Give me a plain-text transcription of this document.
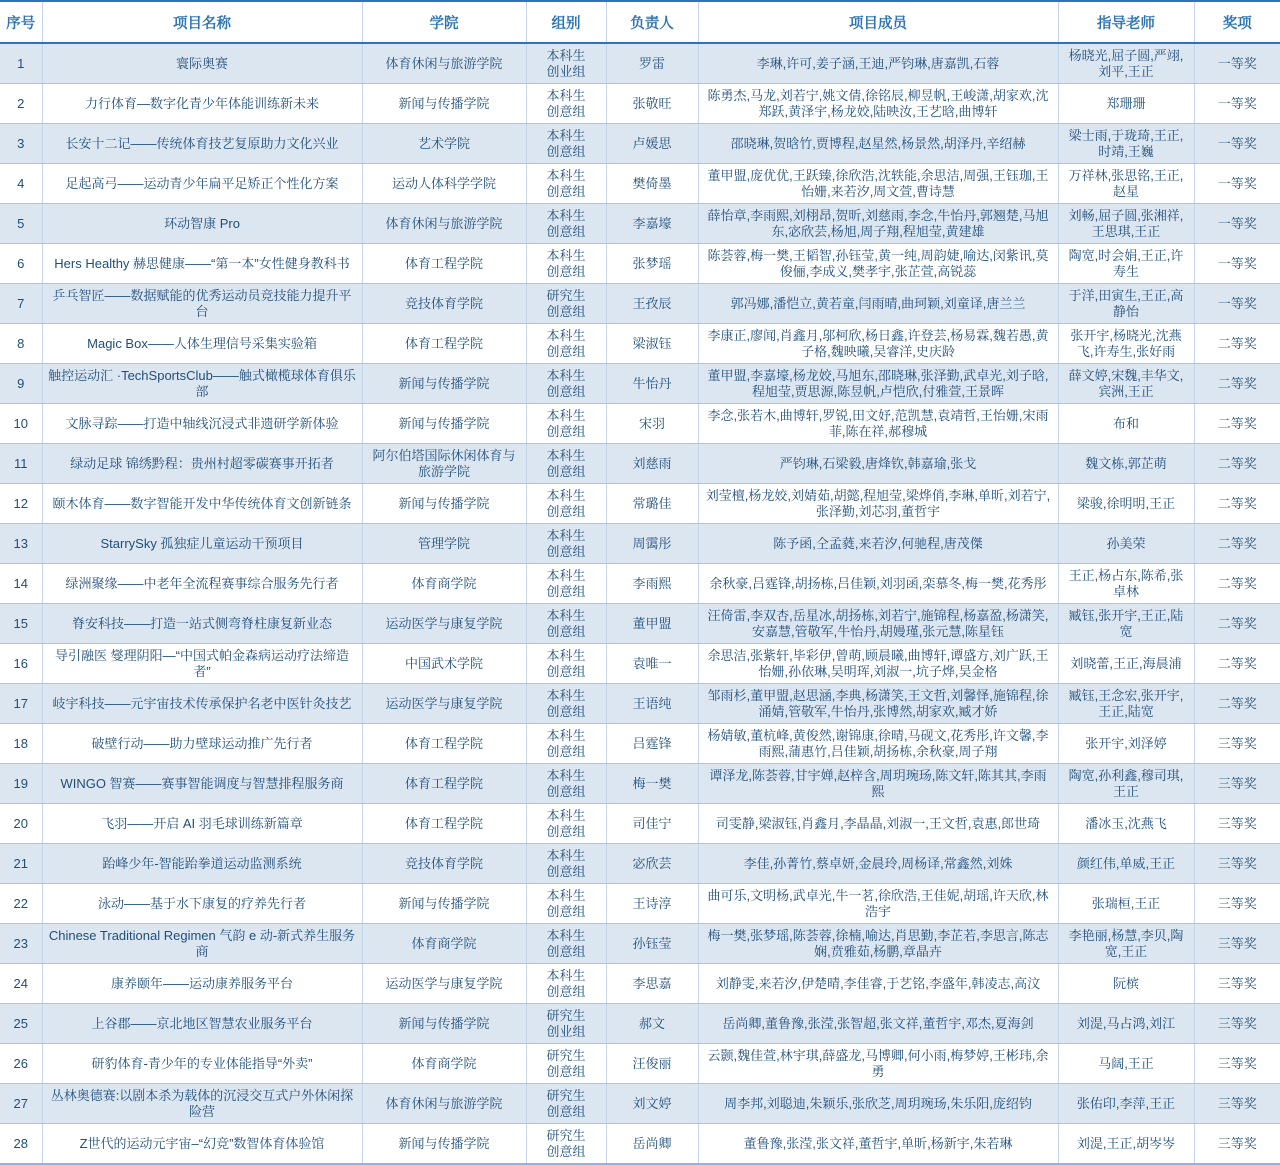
序号	项目名称	学院	组别	负责人	项目成员	指导老师	奖项

1	寰际奥赛	体育休闲与旅游学院	本科生创业组	罗雷	李琳,许可,姜子涵,王迪,严钧琳,唐嘉凯,石蓉	杨晓光,屈子圆,严翊,刘平,王正	一等奖

2	力行体育—数字化青少年体能训练新未来	新闻与传播学院	本科生创意组	张敬旺	陈勇杰,马龙,刘若宁,姚文倩,徐铭辰,柳昱帆,王峻潇,胡家欢,沈郑跃,黄泽宇,杨龙姣,陆映汝,王艺晗,曲博轩	郑珊珊	一等奖

3	长安十二记——传统体育技艺复原助力文化兴业	艺术学院	本科生创意组	卢媛思	邵晓琳,贺晗竹,贾博程,赵星然,杨景然,胡泽丹,辛绍赫	梁士雨,于珑琦,王正,时靖,王巍	一等奖

4	足起高弓——运动青少年扁平足矫正个性化方案	运动人体科学学院	本科生创意组	樊倚墨	董甲盟,庞优优,王跃臻,徐欣浩,沈轶能,余思洁,周强,王钰珈,王怡姗,来若汐,周文萱,曹诗慧	万祥林,张思铭,王正,赵星	一等奖

5	环动智康 Pro	体育休闲与旅游学院	本科生创意组	李嘉壕	薛怡章,李雨熙,刘栩昂,贺昕,刘慈雨,李念,牛怡丹,郭翘楚,马旭东,宓欣芸,杨旭,周子翔,程旭莹,黄建雄	刘畅,屈子圆,张湘祥,王思琪,王正	一等奖

6	Hers Healthy 赫思健康——“第一本”女性健身教科书	体育工程学院	本科生创意组	张梦瑶	陈荟蓉,梅一樊,王韬智,孙钰莹,黄一纯,周韵婕,喻达,闵紫讯,莫俊俪,李成义,樊孝宇,张芷萱,高锐蕊	陶宽,时会娟,王正,许寿生	一等奖

7	乒乓智匠——数据赋能的优秀运动员竞技能力提升平台	竞技体育学院	研究生创意组	王孜辰	郭冯娜,潘恺立,黄若童,闫雨晴,曲珂颖,刘童译,唐兰兰	于洋,田寅生,王正,高静怡	一等奖

8	Magic Box——人体生理信号采集实验箱	体育工程学院	本科生创意组	梁淑钰	李康正,廖闻,肖鑫月,邬柯欣,杨日鑫,许登芸,杨易霖,魏若愚,黄子格,魏映曦,吴睿洋,史庆龄	张开宇,杨晓光,沈燕飞,许寿生,张好雨	二等奖

9	触控运动汇 ·TechSportsClub——触式橄榄球体育俱乐部	新闻与传播学院	本科生创意组	牛怡丹	董甲盟,李嘉壕,杨龙姣,马旭东,邵晓琳,张泽勤,武卓光,刘子晗,程旭莹,贾思源,陈昱帆,卢恺欣,付雅萱,王景晖	薛文婷,宋魏,丰华文,宾洲,王正	二等奖

10	文脉寻踪——打造中轴线沉浸式非遗研学新体验	新闻与传播学院	本科生创意组	宋羽	李念,张若木,曲博轩,罗锐,田文妤,范凯慧,袁靖哲,王怡姗,宋雨菲,陈在祥,郝穆城	布和	二等奖

11	绿动足球 锦绣黔程：贵州村超零碳赛事开拓者	阿尔伯塔国际休闲体育与旅游学院	本科生创意组	刘慈雨	严钧琳,石梁毅,唐烽钦,韩嘉瑜,张戈	魏文栋,郭芷萌	二等奖

12	颐木体育——数字智能开发中华传统体育文创新链条	新闻与传播学院	本科生创意组	常璐佳	刘莹檀,杨龙姣,刘婧茹,胡懿,程旭莹,梁烨俏,李琳,单昕,刘若宁,张泽勤,刘芯羽,董哲宇	梁骏,徐明明,王正	二等奖

13	StarrySky 孤独症儿童运动干预项目	管理学院	本科生创意组	周霭彤	陈予函,仝孟蕤,来若汐,何驰程,唐茂傑	孙美荣	二等奖

14	绿洲聚缘——中老年全流程赛事综合服务先行者	体育商学院	本科生创意组	李雨熙	余秋豪,吕霆锋,胡扬栋,吕佳颖,刘羽函,栾慕冬,梅一樊,花秀彤	王正,杨占东,陈希,张卓林	二等奖

15	脊安科技——打造一站式侧弯脊柱康复新业态	运动医学与康复学院	本科生创意组	董甲盟	汪倚雷,李双杏,岳星冰,胡扬栋,刘若宁,施锦程,杨嘉盈,杨潇笑,安嘉慧,管敬军,牛怡丹,胡嫚瑾,张元慧,陈星钰	臧钰,张开宇,王正,陆宽	二等奖

16	导引融医 燮理阴阳—“中国式帕金森病运动疗法缔造者”	中国武术学院	本科生创意组	袁唯一	余思洁,张紫轩,毕彩伊,曾萌,顾晨曦,曲博轩,谭盛方,刘广跃,王怡姗,孙依琳,吴明珲,刘淑一,坑子烨,吴金格	刘晓蕾,王正,海晨浦	二等奖

17	岐宇科技——元宇宙技术传承保护名老中医针灸技艺	运动医学与康复学院	本科生创意组	王语纯	邹雨杉,董甲盟,赵思涵,李典,杨潇笑,王文哲,刘馨怿,施锦程,徐涌婧,管敬军,牛怡丹,张博然,胡家欢,臧才娇	臧钰,王念宏,张开宇,王正,陆宽	二等奖

18	破壁行动——助力壁球运动推广先行者	体育工程学院	本科生创意组	吕霆锋	杨婧敏,董杭峰,黄俊然,谢锦康,徐晴,马砚文,花秀彤,许文馨,李雨熙,蒲惠竹,吕佳颖,胡扬栋,余秋豪,周子翔	张开宇,刘泽婷	三等奖

19	WINGO 智赛——赛事智能调度与智慧排程服务商	体育工程学院	本科生创意组	梅一樊	谭泽龙,陈荟蓉,甘宇婵,赵梓含,周玥琬玚,陈文轩,陈其其,李雨熙	陶宽,孙利鑫,穆司琪,王正	三等奖

20	飞羽——开启 AI 羽毛球训练新篇章	体育工程学院	本科生创意组	司佳宁	司雯静,梁淑钰,肖鑫月,李晶晶,刘淑一,王文哲,袁惠,郎世琦	潘冰玉,沈燕飞	三等奖

21	跆峰少年-智能跆拳道运动监测系统	竞技体育学院	本科生创意组	宓欣芸	李佳,孙菁竹,蔡卓妍,金晨玲,周杨译,常鑫然,刘姝	颜红伟,单威,王正	三等奖

22	泳动——基于水下康复的疗养先行者	新闻与传播学院	本科生创意组	王诗淳	曲可乐,文明杨,武卓光,牛一茗,徐欣浩,王佳妮,胡瑶,许天欣,林浩宇	张瑞桓,王正	三等奖

23	Chinese Traditional Regimen 气韵 e 动-新式养生服务商	体育商学院	本科生创意组	孙钰莹	梅一樊,张梦瑶,陈荟蓉,徐楠,喻达,肖思勤,李芷若,李思言,陈志娴,贲雅茹,杨鹏,章晶卉	李艳丽,杨慧,李贝,陶宽,王正	三等奖

24	康养颐年——运动康养服务平台	运动医学与康复学院	本科生创意组	李思嘉	刘静雯,来若汐,伊楚晴,李佳睿,于艺铭,李盛年,韩凌志,高汶	阮槟	三等奖

25	上谷郡——京北地区智慧农业服务平台	新闻与传播学院	研究生创业组	郝文	岳尚卿,董鲁豫,张滢,张智超,张文祥,董哲宇,邓杰,夏海剑	刘湜,马占鸿,刘江	三等奖

26	研豹体育-青少年的专业体能指导“外卖”	体育商学院	研究生创意组	汪俊丽	云颢,魏佳萱,林宇琪,薛盛龙,马博卿,何小雨,梅梦婷,王彬玮,余勇	马阔,王正	三等奖

27	丛林奥德赛:以剧本杀为载体的沉浸交互式户外休闲探险营	体育休闲与旅游学院	研究生创意组	刘文婷	周李邦,刘聪迪,朱颖乐,张欣芝,周玥琬玚,朱乐阳,庞绍钧	张佑印,李萍,王正	三等奖

28	Z世代的运动元宇宙–“幻竞”数智体育体验馆	新闻与传播学院	研究生创意组	岳尚卿	董鲁豫,张滢,张文祥,董哲宇,单昕,杨新宇,朱若琳	刘湜,王正,胡岑岑	三等奖
